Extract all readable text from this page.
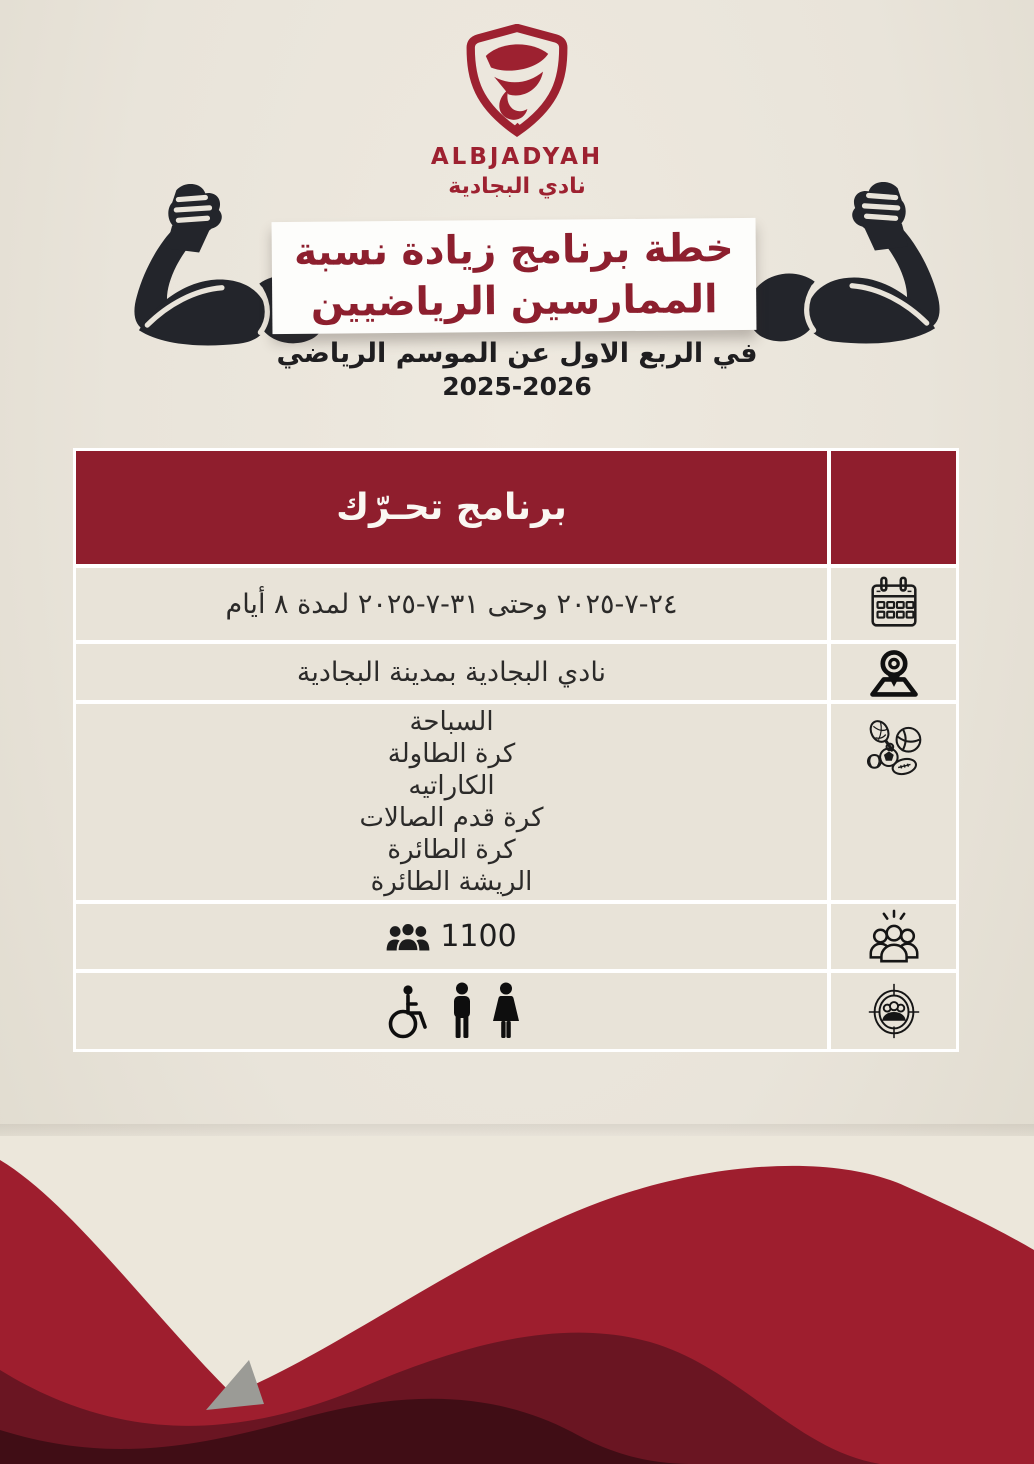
ALBJADYAH
نادي البجادية
خطة برنامج زيادة نسبة
الممارسين الرياضيين
في الربع الاول عن الموسم الرياضي
2025-2026
برنامج تحـرّك
٢٤-٧-٢٠٢٥ وحتى ٣١-٧-٢٠٢٥ لمدة ٨ أيام
نادي البجادية بمدينة البجادية
السباحة
كرة الطاولة
الكاراتيه
كرة قدم الصالات
كرة الطائرة
الريشة الطائرة
1100
